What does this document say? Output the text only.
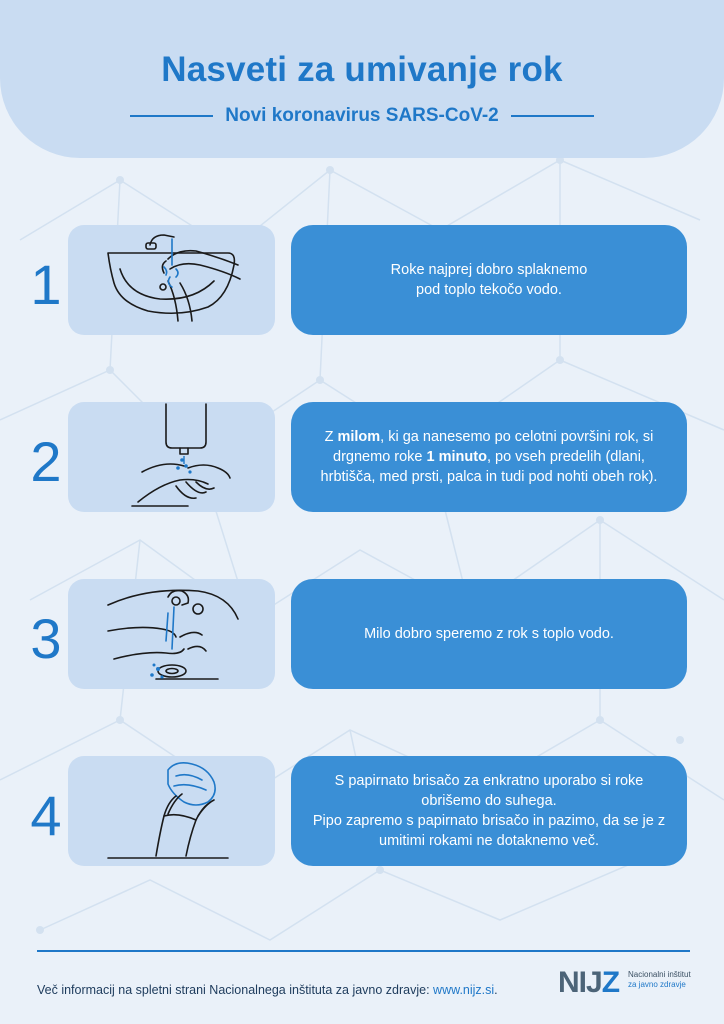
Nasveti za umivanje rok
Novi koronavirus SARS-CoV-2
1	Roke najprej dobro splaknemo
pod toplo tekočo vodo.
2	Z milom, ki ga nanesemo po celotni površini rok, si drgnemo roke 1 minuto, po vseh predelih (dlani, hrbtišča, med prsti, palca in tudi pod nohti obeh rok).
3	Milo dobro speremo z rok s toplo vodo.
4
S papirnato brisačo za enkratno uporabo si roke obrišemo do suhega.
Pipo zapremo s papirnato brisačo in pazimo, da se je z umitimi rokami ne dotaknemo več.
Več informacij na spletni strani Nacionalnega inštituta za javno zdravje: www.nijz.si. NIJZ Nacionalni inštitut
za javno zdravje
